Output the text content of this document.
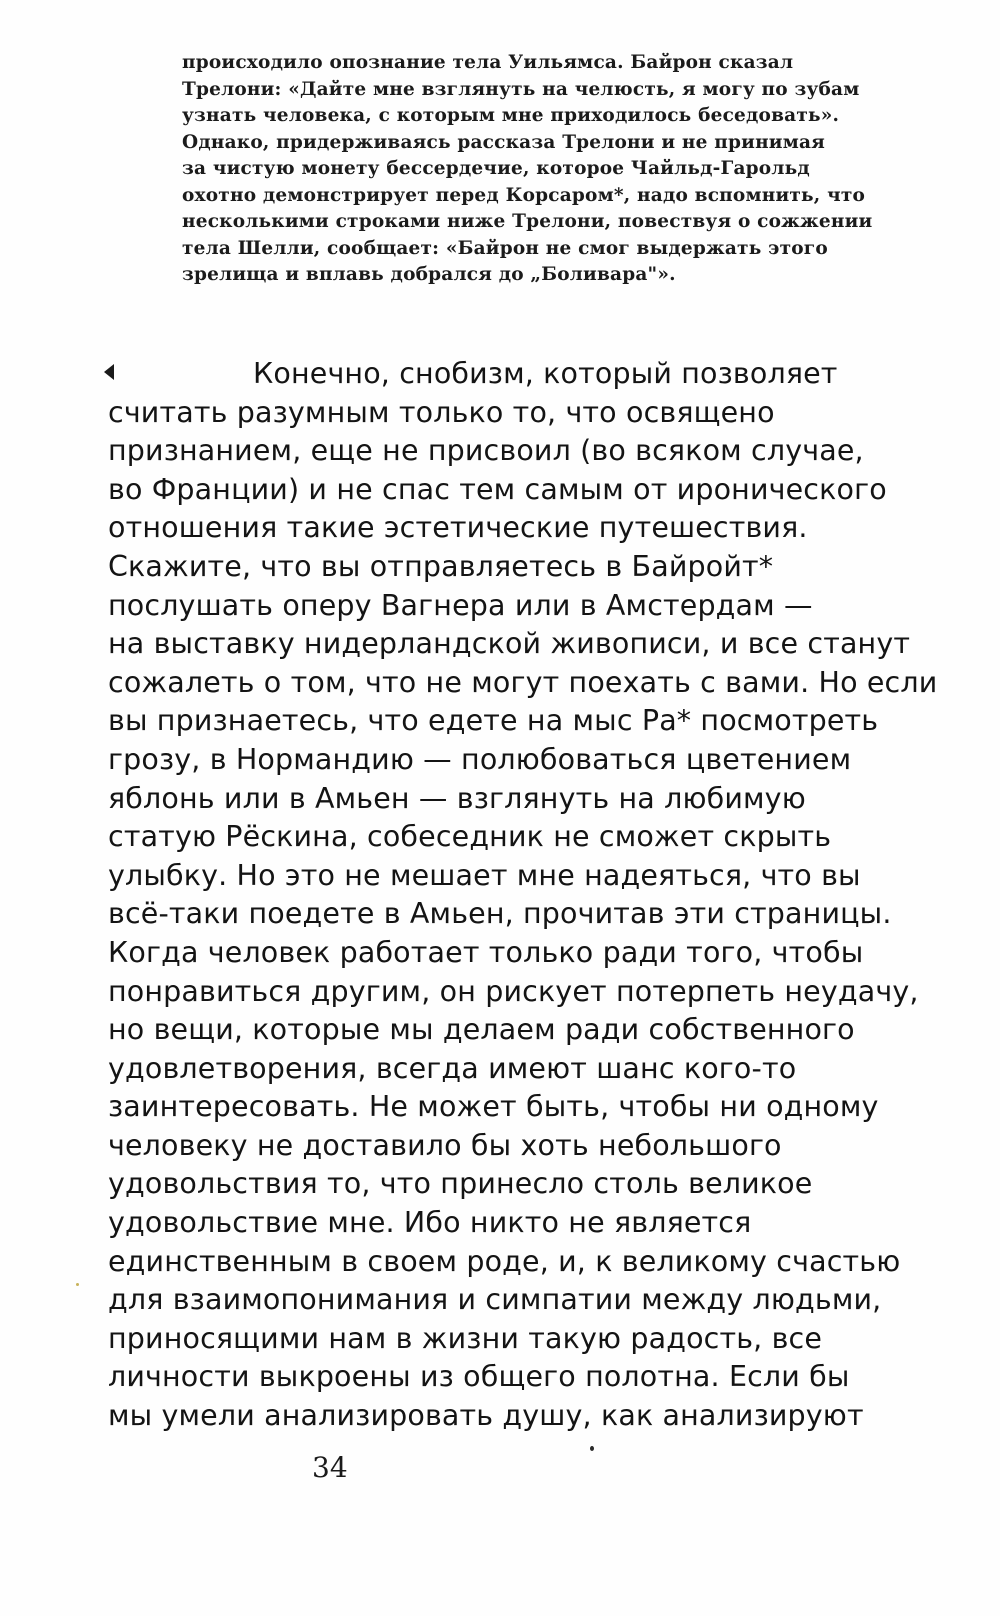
происходило опознание тела Уильямса. Байрон сказал
Трелони: «Дайте мне взглянуть на челюсть, я могу по зубам
узнать человека, с которым мне приходилось беседовать».
Однако, придерживаясь рассказа Трелони и не принимая
за чистую монету бессердечие, которое Чайльд-Гарольд
охотно демонстрирует перед Корсаром*, надо вспомнить, что
несколькими строками ниже Трелони, повествуя о сожжении
тела Шелли, сообщает: «Байрон не смог выдержать этого
зрелища и вплавь добрался до „Боливара"».
Конечно, снобизм, который позволяет
считать разумным только то, что освящено
признанием, еще не присвоил (во всяком случае,
во Франции) и не спас тем самым от иронического
отношения такие эстетические путешествия.
Скажите, что вы отправляетесь в Байройт*
послушать оперу Вагнера или в Амстердам —
на выставку нидерландской живописи, и все станут
сожалеть о том, что не могут поехать с вами. Но если
вы признаетесь, что едете на мыс Ра* посмотреть
грозу, в Нормандию — полюбоваться цветением
яблонь или в Амьен — взглянуть на любимую
статую Рёскина, собеседник не сможет скрыть
улыбку. Но это не мешает мне надеяться, что вы
всё-таки поедете в Амьен, прочитав эти страницы.
Когда человек работает только ради того, чтобы
понравиться другим, он рискует потерпеть неудачу,
но вещи, которые мы делаем ради собственного
удовлетворения, всегда имеют шанс кого-то
заинтересовать. Не может быть, чтобы ни одному
человеку не доставило бы хоть небольшого
удовольствия то, что принесло столь великое
удовольствие мне. Ибо никто не является
единственным в своем роде, и, к великому счастью
для взаимопонимания и симпатии между людьми,
приносящими нам в жизни такую радость, все
личности выкроены из общего полотна. Если бы
мы умели анализировать душу, как анализируют
34
